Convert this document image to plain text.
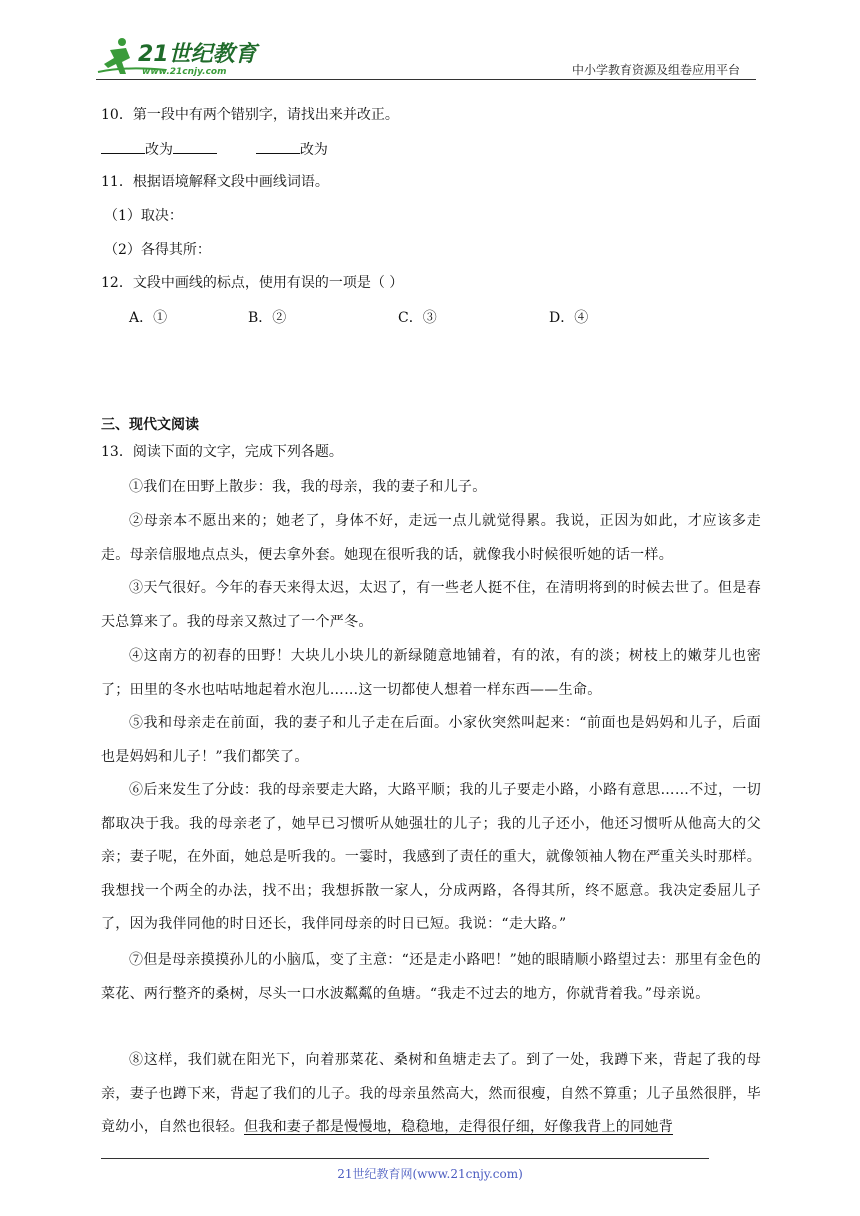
21世纪教育
www.21cnjy.com	中小学教育资源及组卷应用平台
10．第一段中有两个错别字，请找出来并改正。
改为	改为
11．根据语境解释文段中画线词语。
（1）取决：
（2）各得其所：
12．文段中画线的标点，使用有误的一项是（ ）
A．①	B．②	C．③	D．④
三、现代文阅读
13．阅读下面的文字，完成下列各题。
①我们在田野上散步：我，我的母亲，我的妻子和儿子。
②母亲本不愿出来的；她老了，身体不好，走远一点儿就觉得累。我说，正因为如此，才应该多走走。母亲信服地点点头，便去拿外套。她现在很听我的话，就像我小时候很听她的话一样。
③天气很好。今年的春天来得太迟，太迟了，有一些老人挺不住，在清明将到的时候去世了。但是春天总算来了。我的母亲又熬过了一个严冬。
④这南方的初春的田野！大块儿小块儿的新绿随意地铺着，有的浓，有的淡；树枝上的嫩芽儿也密了；田里的冬水也咕咕地起着水泡儿……这一切都使人想着一样东西——生命。
⑤我和母亲走在前面，我的妻子和儿子走在后面。小家伙突然叫起来：“前面也是妈妈和儿子，后面也是妈妈和儿子！”我们都笑了。
⑥后来发生了分歧：我的母亲要走大路，大路平顺；我的儿子要走小路，小路有意思……不过，一切都取决于我。我的母亲老了，她早已习惯听从她强壮的儿子；我的儿子还小，他还习惯听从他高大的父亲；妻子呢，在外面，她总是听我的。一霎时，我感到了责任的重大，就像领袖人物在严重关头时那样。我想找一个两全的办法，找不出；我想拆散一家人，分成两路，各得其所，终不愿意。我决定委屈儿子了，因为我伴同他的时日还长，我伴同母亲的时日已短。我说：“走大路。”
⑦但是母亲摸摸孙儿的小脑瓜，变了主意：“还是走小路吧！”她的眼睛顺小路望过去：那里有金色的菜花、两行整齐的桑树，尽头一口水波粼粼的鱼塘。“我走不过去的地方，你就背着我。”母亲说。
⑧这样，我们就在阳光下，向着那菜花、桑树和鱼塘走去了。到了一处，我蹲下来，背起了我的母亲，妻子也蹲下来，背起了我们的儿子。我的母亲虽然高大，然而很瘦，自然不算重；儿子虽然很胖，毕竟幼小，自然也很轻。但我和妻子都是慢慢地，稳稳地，走得很仔细，好像我背上的同她背
21世纪教育网(www.21cnjy.com)
